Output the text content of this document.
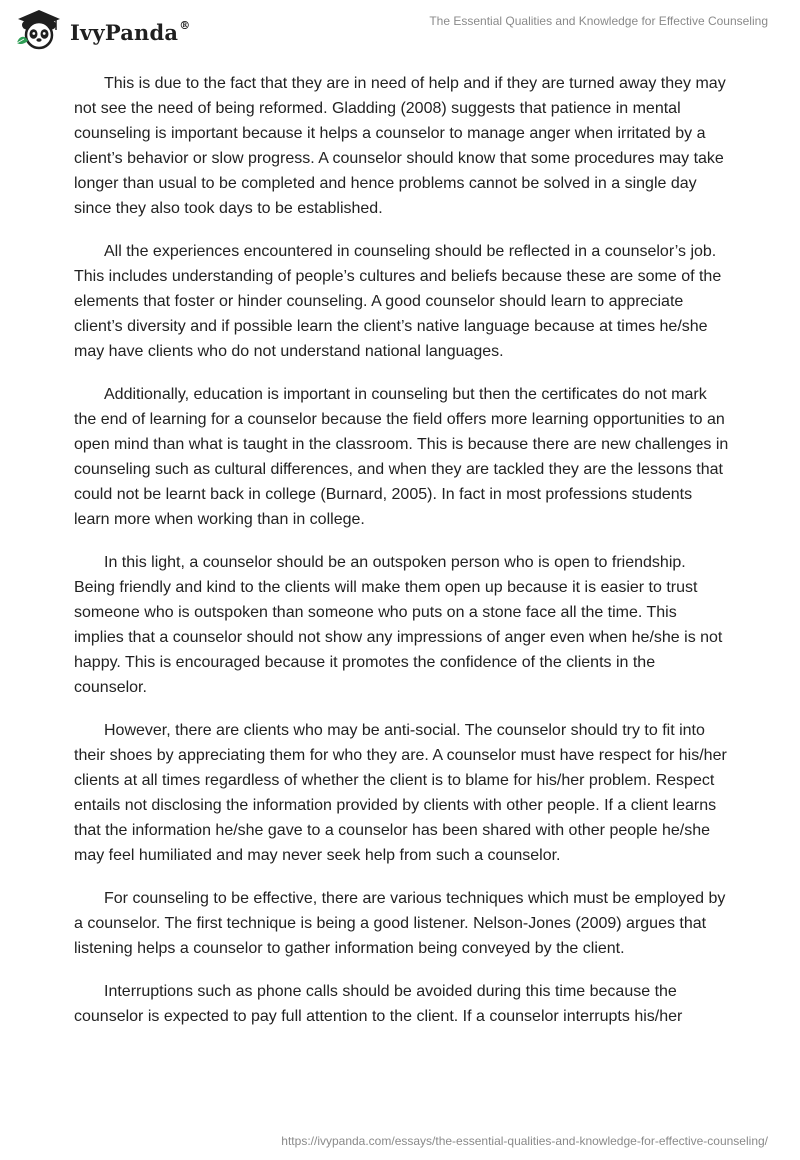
IvyPanda®	The Essential Qualities and Knowledge for Effective Counseling

This is due to the fact that they are in need of help and if they are turned away they may not see the need of being reformed. Gladding (2008) suggests that patience in mental counseling is important because it helps a counselor to manage anger when irritated by a client’s behavior or slow progress. A counselor should know that some procedures may take longer than usual to be completed and hence problems cannot be solved in a single day since they also took days to be established.

All the experiences encountered in counseling should be reflected in a counselor’s job. This includes understanding of people’s cultures and beliefs because these are some of the elements that foster or hinder counseling. A good counselor should learn to appreciate client’s diversity and if possible learn the client’s native language because at times he/she may have clients who do not understand national languages.

Additionally, education is important in counseling but then the certificates do not mark the end of learning for a counselor because the field offers more learning opportunities to an open mind than what is taught in the classroom. This is because there are new challenges in counseling such as cultural differences, and when they are tackled they are the lessons that could not be learnt back in college (Burnard, 2005). In fact in most professions students learn more when working than in college.

In this light, a counselor should be an outspoken person who is open to friendship. Being friendly and kind to the clients will make them open up because it is easier to trust someone who is outspoken than someone who puts on a stone face all the time. This implies that a counselor should not show any impressions of anger even when he/she is not happy. This is encouraged because it promotes the confidence of the clients in the counselor.

However, there are clients who may be anti-social. The counselor should try to fit into their shoes by appreciating them for who they are. A counselor must have respect for his/her clients at all times regardless of whether the client is to blame for his/her problem. Respect entails not disclosing the information provided by clients with other people. If a client learns that the information he/she gave to a counselor has been shared with other people he/she may feel humiliated and may never seek help from such a counselor.

For counseling to be effective, there are various techniques which must be employed by a counselor. The first technique is being a good listener. Nelson-Jones (2009) argues that listening helps a counselor to gather information being conveyed by the client.

Interruptions such as phone calls should be avoided during this time because the counselor is expected to pay full attention to the client. If a counselor interrupts his/her

https://ivypanda.com/essays/the-essential-qualities-and-knowledge-for-effective-counseling/
